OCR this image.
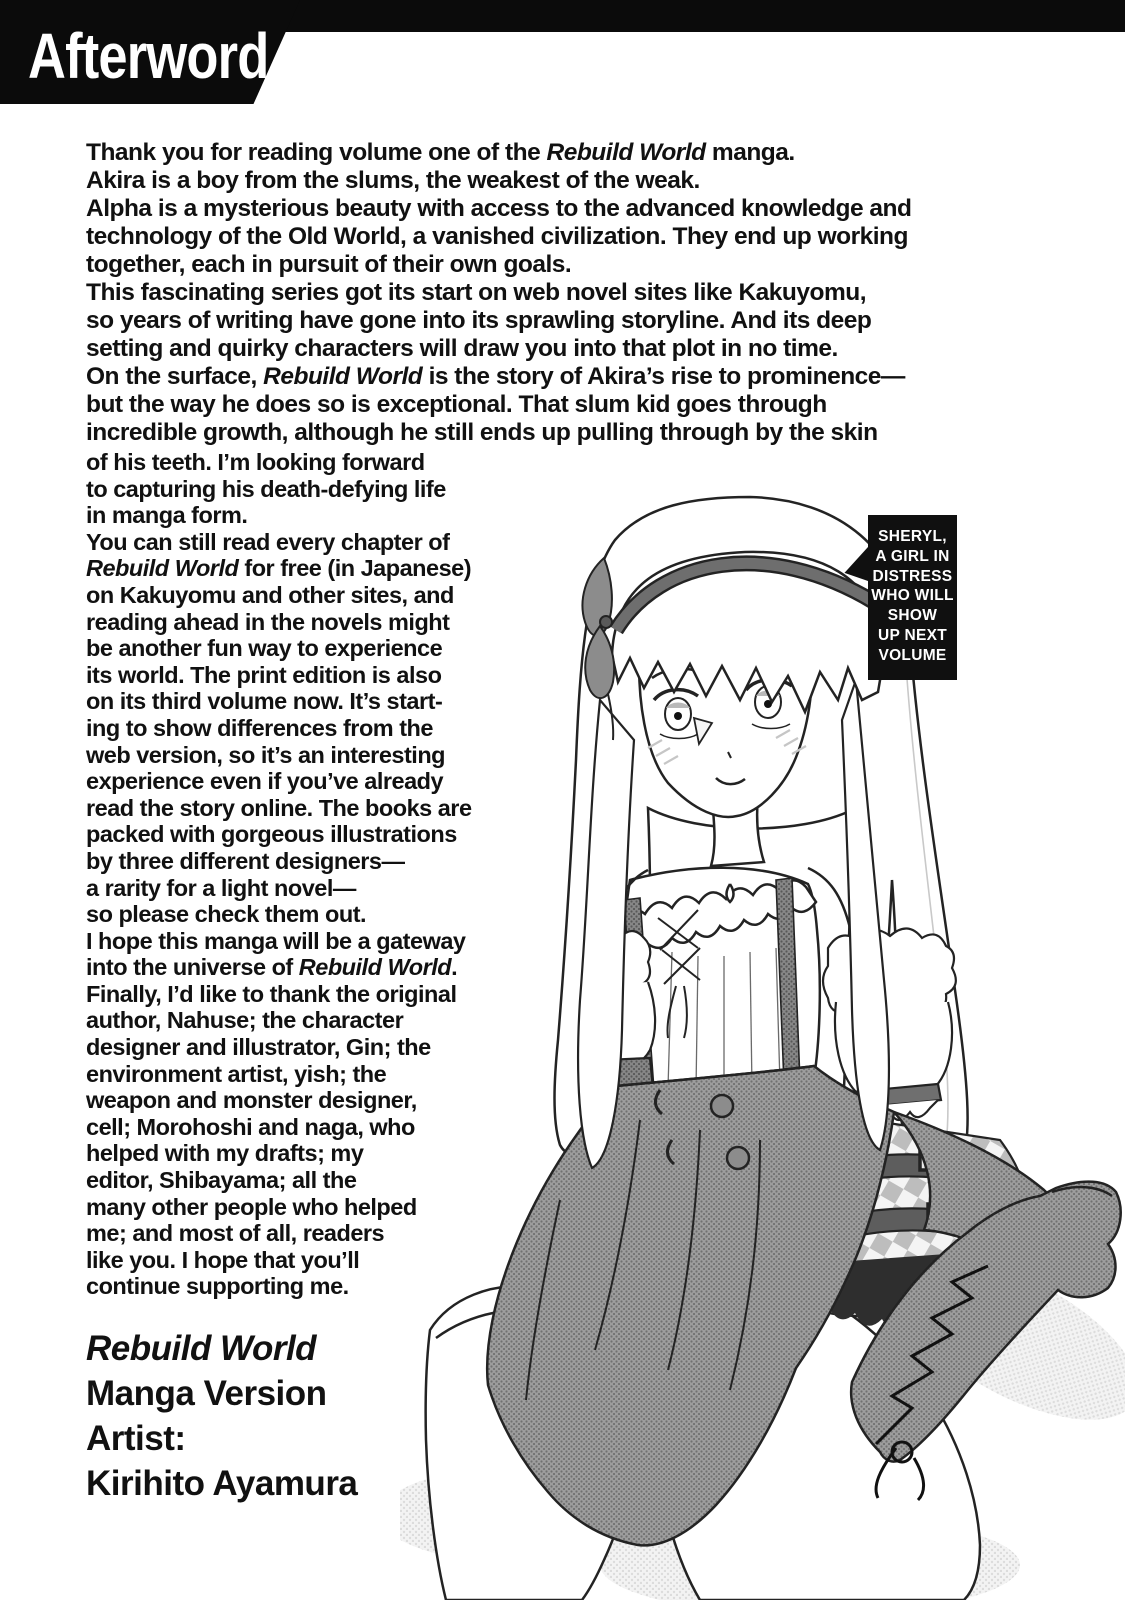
Afterword
SHERYL,
A GIRL IN
DISTRESS
WHO WILL
SHOW
UP NEXT
VOLUME
Thank you for reading volume one of the Rebuild World manga.
Akira is a boy from the slums, the weakest of the weak.
Alpha is a mysterious beauty with access to the advanced knowledge and
technology of the Old World, a vanished civilization. They end up working
together, each in pursuit of their own goals.
This fascinating series got its start on web novel sites like Kakuyomu,
so years of writing have gone into its sprawling storyline. And its deep
setting and quirky characters will draw you into that plot in no time.
On the surface, Rebuild World is the story of Akira’s rise to prominence—
but the way he does so is exceptional. That slum kid goes through
incredible growth, although he still ends up pulling through by the skin
of his teeth. I’m looking forward
to capturing his death-defying life
in manga form.
You can still read every chapter of
Rebuild World for free (in Japanese)
on Kakuyomu and other sites, and
reading ahead in the novels might
be another fun way to experience
its world. The print edition is also
on its third volume now. It’s start-
ing to show differences from the
web version, so it’s an interesting
experience even if you’ve already
read the story online. The books are
packed with gorgeous illustrations
by three different designers—
a rarity for a light novel—
so please check them out.
I hope this manga will be a gateway
into the universe of Rebuild World.
Finally, I’d like to thank the original
author, Nahuse; the character
designer and illustrator, Gin; the
environment artist, yish; the
weapon and monster designer,
cell; Morohoshi and naga, who
helped with my drafts; my
editor, Shibayama; all the
many other people who helped
me; and most of all, readers
like you. I hope that you’ll
continue supporting me.
Rebuild World
Manga Version
Artist:
Kirihito Ayamura
